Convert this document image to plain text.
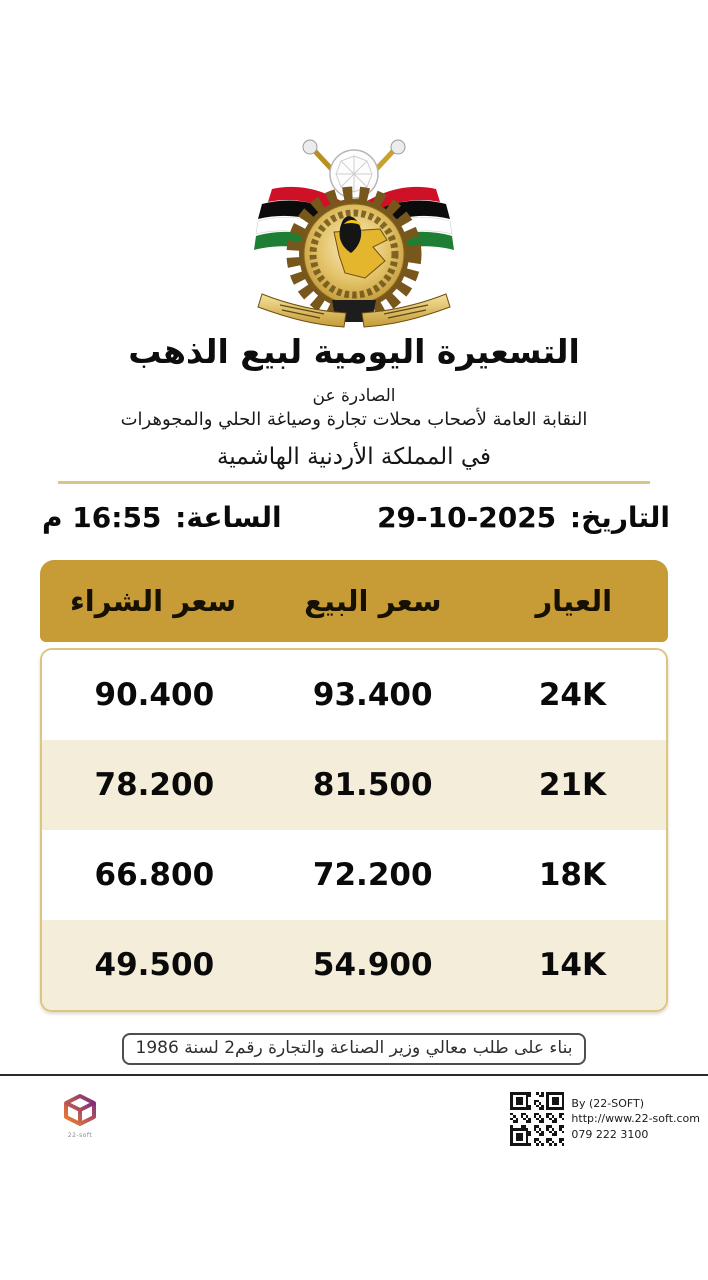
التسعيرة اليومية لبيع الذهب
الصادرة عن
النقابة العامة لأصحاب محلات تجارة وصياغة الحلي والمجوهرات
في المملكة الأردنية الهاشمية
التاريخ: 29-10-2025
الساعة: 16:55 م
العيار
سعر البيع
سعر الشراء
24K
93.400
90.400
21K
81.500
78.200
18K
72.200
66.800
14K
54.900
49.500
بناء على طلب معالي وزير الصناعة والتجارة رقم2 لسنة 1986
22-soft
By (22-SOFT)
http://www.22-soft.com
079 222 3100
